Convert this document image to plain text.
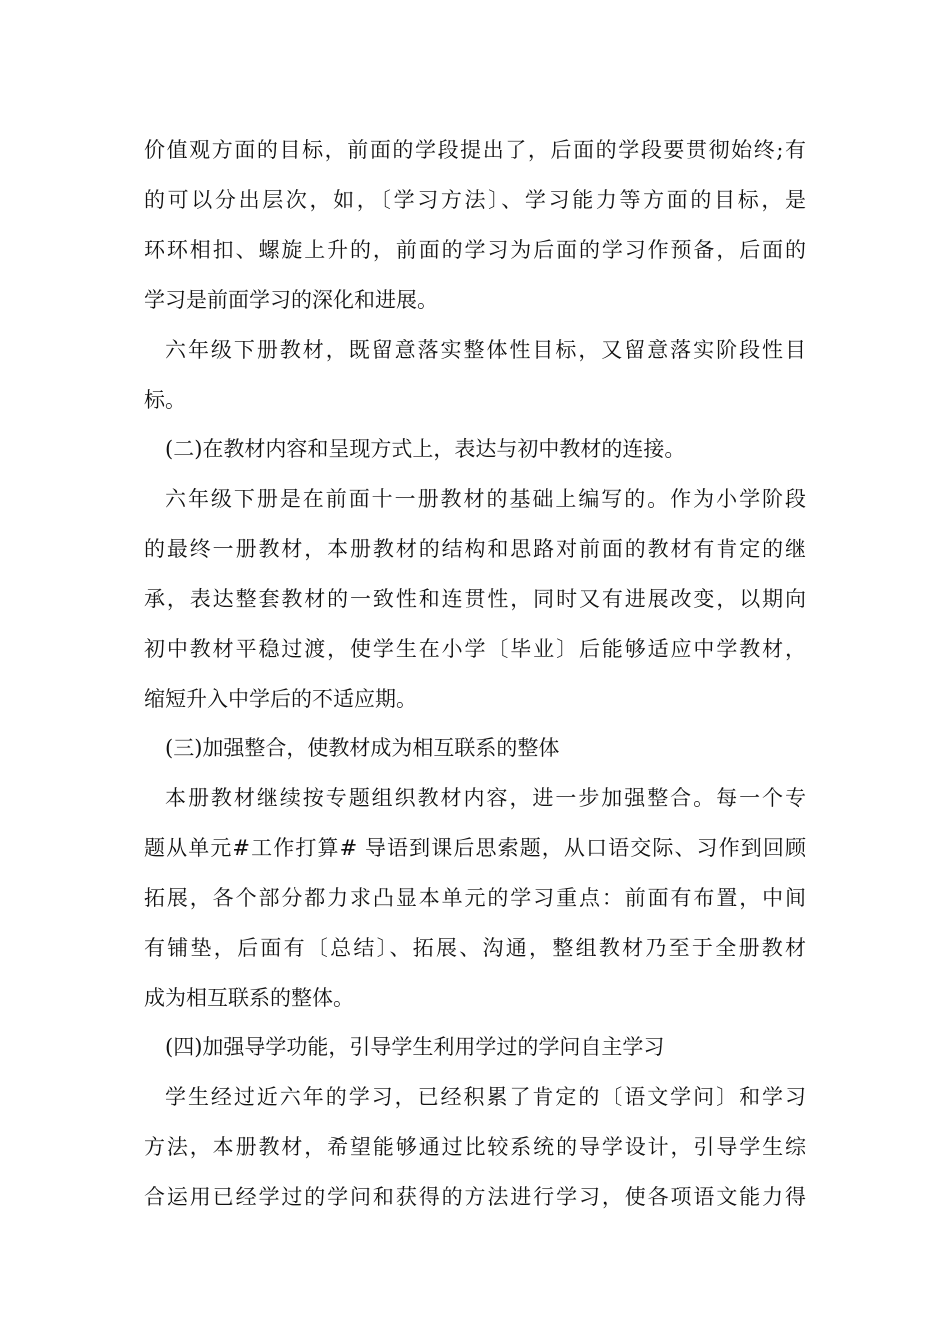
价值观方面的目标，前面的学段提出了，后面的学段要贯彻始终;有
的可以分出层次，如，〔学习方法〕、学习能力等方面的目标，是
环环相扣、螺旋上升的，前面的学习为后面的学习作预备，后面的
学习是前面学习的深化和进展。
六年级下册教材，既留意落实整体性目标，又留意落实阶段性目
标。
(二)在教材内容和呈现方式上，表达与初中教材的连接。
六年级下册是在前面十一册教材的基础上编写的。作为小学阶段
的最终一册教材，本册教材的结构和思路对前面的教材有肯定的继
承，表达整套教材的一致性和连贯性，同时又有进展改变，以期向
初中教材平稳过渡，使学生在小学〔毕业〕后能够适应中学教材，
缩短升入中学后的不适应期。
(三)加强整合，使教材成为相互联系的整体
本册教材继续按专题组织教材内容，进一步加强整合。每一个专
题从单元#工作打算# 导语到课后思索题，从口语交际、习作到回顾
拓展，各个部分都力求凸显本单元的学习重点：前面有布置，中间
有铺垫，后面有〔总结〕、拓展、沟通，整组教材乃至于全册教材
成为相互联系的整体。
(四)加强导学功能，引导学生利用学过的学问自主学习
学生经过近六年的学习，已经积累了肯定的〔语文学问〕和学习
方法，本册教材，希望能够通过比较系统的导学设计，引导学生综
合运用已经学过的学问和获得的方法进行学习，使各项语文能力得
